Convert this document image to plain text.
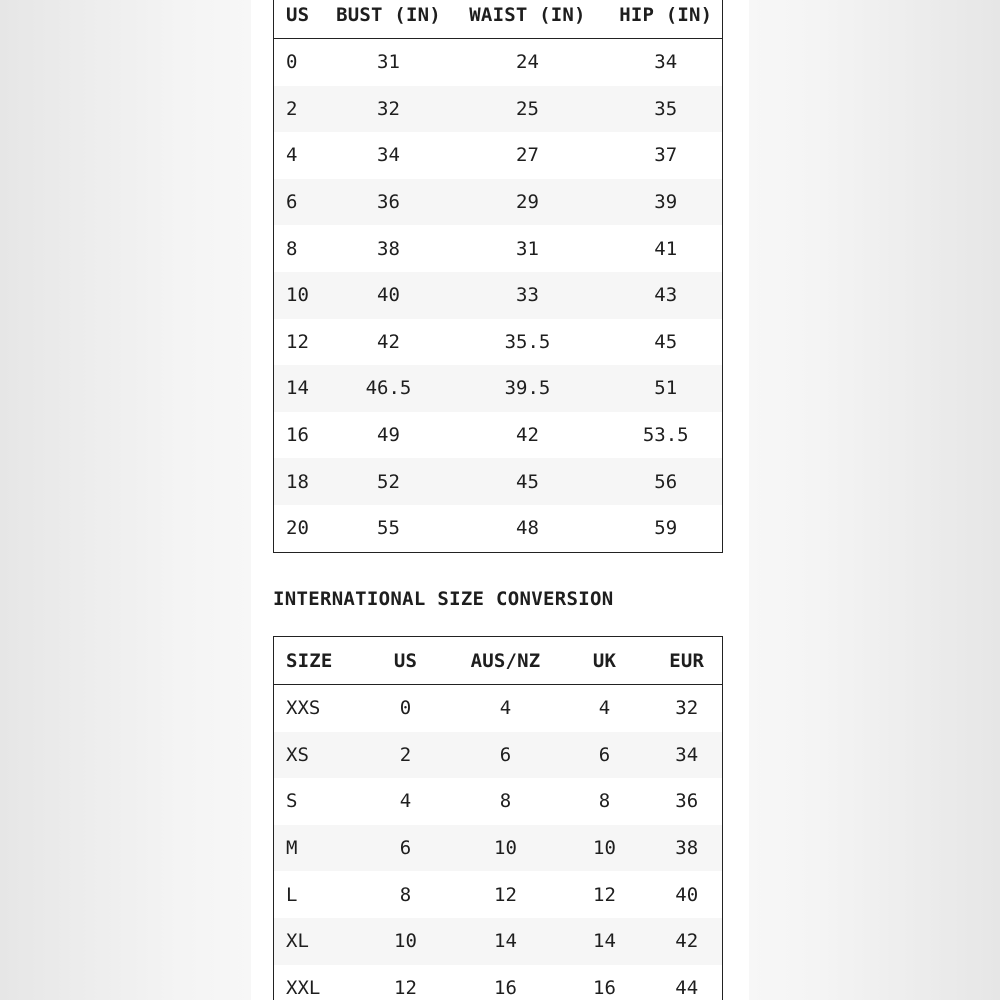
US	BUST (IN)	WAIST (IN)	HIP (IN)
0	31	24	34
2	32	25	35
4	34	27	37
6	36	29	39
8	38	31	41
10	40	33	43
12	42	35.5	45
14	46.5	39.5	51
16	49	42	53.5
18	52	45	56
20	55	48	59
INTERNATIONAL SIZE CONVERSION
SIZE	US	AUS/NZ	UK	EUR
XXS	0	4	4	32
XS	2	6	6	34
S	4	8	8	36
M	6	10	10	38
L	8	12	12	40
XL	10	14	14	42
XXL	12	16	16	44
